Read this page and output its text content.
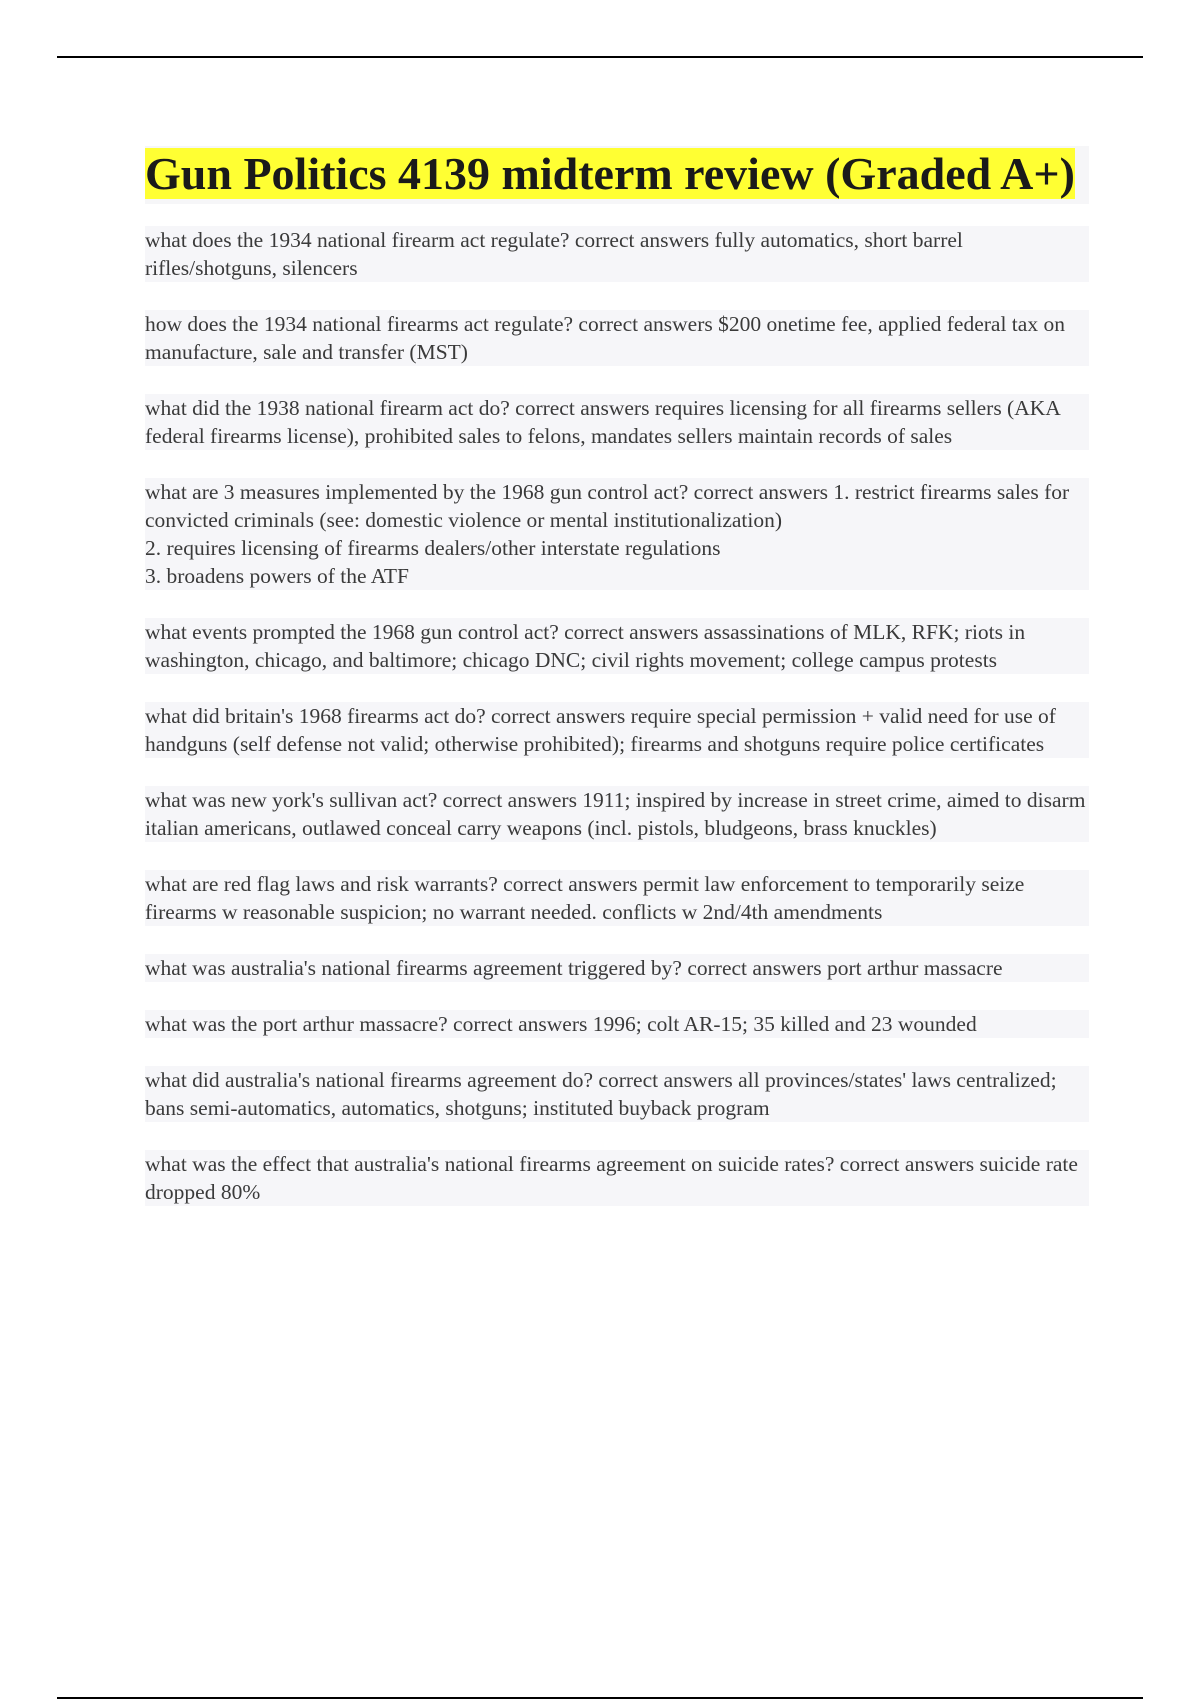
Gun Politics 4139 midterm review (Graded A+)

what does the 1934 national firearm act regulate? correct answers fully automatics, short barrel rifles/shotguns, silencers

how does the 1934 national firearms act regulate? correct answers $200 onetime fee, applied federal tax on manufacture, sale and transfer (MST)

what did the 1938 national firearm act do? correct answers requires licensing for all firearms sellers (AKA federal firearms license), prohibited sales to felons, mandates sellers maintain records of sales

what are 3 measures implemented by the 1968 gun control act? correct answers 1. restrict firearms sales for convicted criminals (see: domestic violence or mental institutionalization)
2. requires licensing of firearms dealers/other interstate regulations
3. broadens powers of the ATF

what events prompted the 1968 gun control act? correct answers assassinations of MLK, RFK; riots in washington, chicago, and baltimore; chicago DNC; civil rights movement; college campus protests

what did britain's 1968 firearms act do? correct answers require special permission + valid need for use of handguns (self defense not valid; otherwise prohibited); firearms and shotguns require police certificates

what was new york's sullivan act? correct answers 1911; inspired by increase in street crime, aimed to disarm italian americans, outlawed conceal carry weapons (incl. pistols, bludgeons, brass knuckles)

what are red flag laws and risk warrants? correct answers permit law enforcement to temporarily seize firearms w reasonable suspicion; no warrant needed. conflicts w 2nd/4th amendments

what was australia's national firearms agreement triggered by? correct answers port arthur massacre

what was the port arthur massacre? correct answers 1996; colt AR-15; 35 killed and 23 wounded

what did australia's national firearms agreement do? correct answers all provinces/states' laws centralized; bans semi-automatics, automatics, shotguns; instituted buyback program

what was the effect that australia's national firearms agreement on suicide rates? correct answers suicide rate dropped 80%
